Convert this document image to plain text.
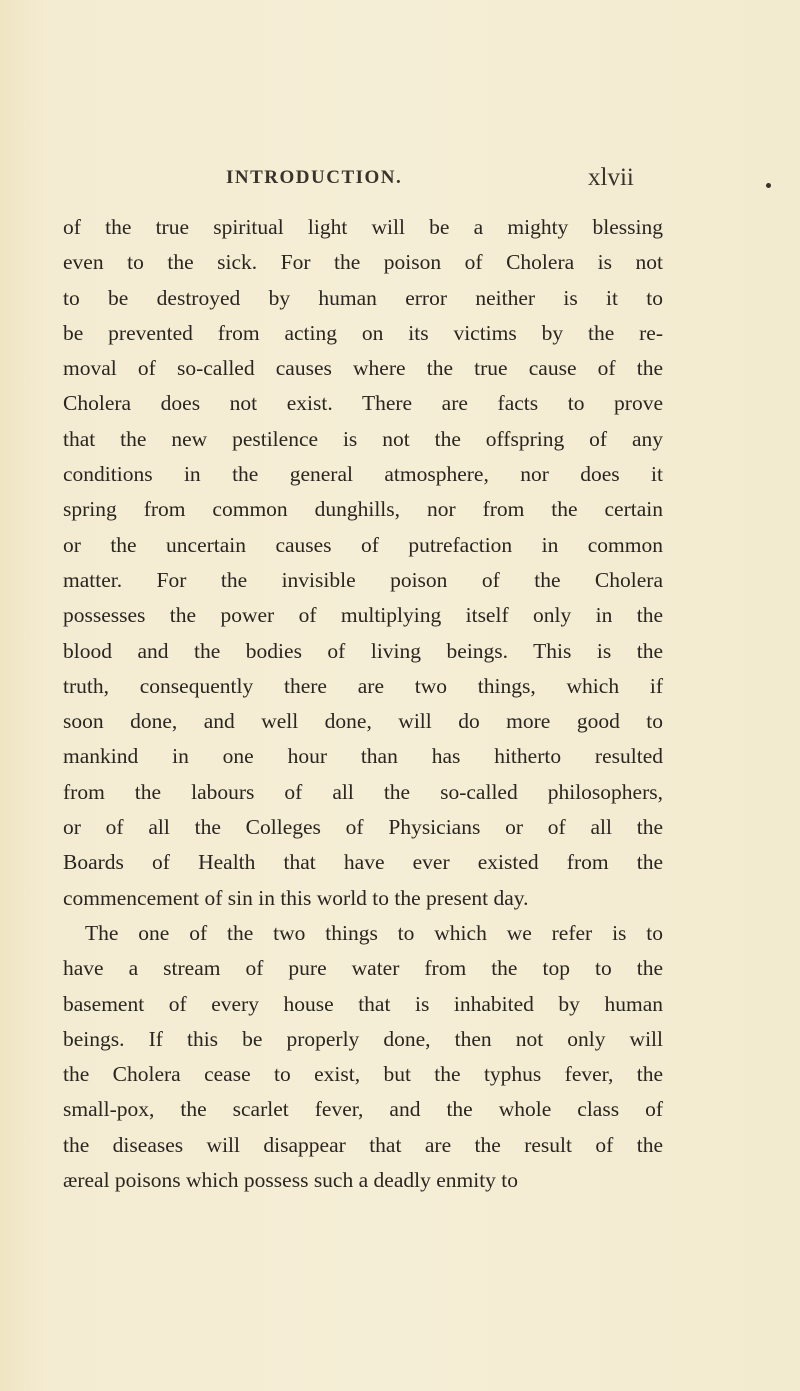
INTRODUCTION.	xlvii
of the true spiritual light will be a mighty blessing
even to the sick. For the poison of Cholera is not
to be destroyed by human error neither is it to
be prevented from acting on its victims by the re-
moval of so-called causes where the true cause of the
Cholera does not exist. There are facts to prove
that the new pestilence is not the offspring of any
conditions in the general atmosphere, nor does it
spring from common dunghills, nor from the certain
or the uncertain causes of putrefaction in common
matter. For the invisible poison of the Cholera
possesses the power of multiplying itself only in the
blood and the bodies of living beings. This is the
truth, consequently there are two things, which if
soon done, and well done, will do more good to
mankind in one hour than has hitherto resulted
from the labours of all the so-called philosophers,
or of all the Colleges of Physicians or of all the
Boards of Health that have ever existed from the
commencement of sin in this world to the present day.
The one of the two things to which we refer is to
have a stream of pure water from the top to the
basement of every house that is inhabited by human
beings. If this be properly done, then not only will
the Cholera cease to exist, but the typhus fever, the
small-pox, the scarlet fever, and the whole class of
the diseases will disappear that are the result of the
æreal poisons which possess such a deadly enmity to
